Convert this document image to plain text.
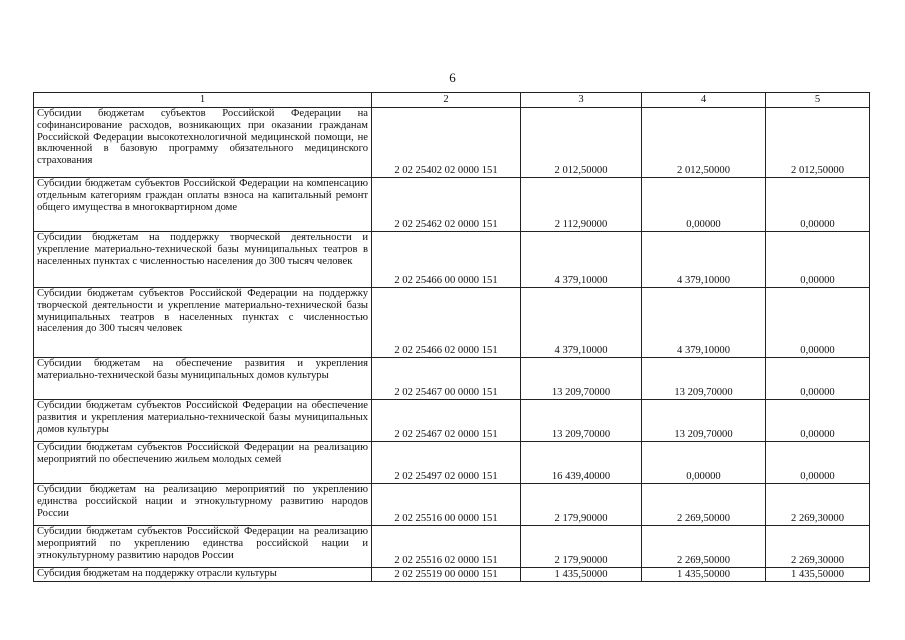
6
1	2	3	4	5
Субсидии бюджетам субъектов Российской Федерации на софинансирование расходов, возникающих при оказании гражданам Российской Федерации высокотехнологичной медицинской помощи, не включенной в базовую программу обязательного медицинского страхования	2 02 25402 02 0000 151	2 012,50000	2 012,50000	2 012,50000
Субсидии бюджетам субъектов Российской Федерации на компенсацию отдельным категориям граждан оплаты взноса на капитальный ремонт общего имущества в многоквартирном доме	2 02 25462 02 0000 151	2 112,90000	0,00000	0,00000
Субсидии бюджетам на поддержку творческой деятельности и укрепление материально-технической базы муниципальных театров в населенных пунктах с численностью населения до 300 тысяч человек	2 02 25466 00 0000 151	4 379,10000	4 379,10000	0,00000
Субсидии бюджетам субъектов Российской Федерации на поддержку творческой деятельности и укрепление материально-технической базы муниципальных театров в населенных пунктах с численностью населения до 300 тысяч человек	2 02 25466 02 0000 151	4 379,10000	4 379,10000	0,00000
Субсидии бюджетам на обеспечение развития и укрепления материально-технической базы муниципальных домов культуры	2 02 25467 00 0000 151	13 209,70000	13 209,70000	0,00000
Субсидии бюджетам субъектов Российской Федерации на обеспечение развития и укрепления материально-технической базы муниципальных домов культуры	2 02 25467 02 0000 151	13 209,70000	13 209,70000	0,00000
Субсидии бюджетам субъектов Российской Федерации на реализацию мероприятий по обеспечению жильем молодых семей	2 02 25497 02 0000 151	16 439,40000	0,00000	0,00000
Субсидии бюджетам на реализацию мероприятий по укреплению единства российской нации и этнокультурному развитию народов России	2 02 25516 00 0000 151	2 179,90000	2 269,50000	2 269,30000
Субсидии бюджетам субъектов Российской Федерации на реализацию мероприятий по укреплению единства российской нации и этнокультурному развитию народов России	2 02 25516 02 0000 151	2 179,90000	2 269,50000	2 269,30000
Субсидия бюджетам на поддержку отрасли культуры	2 02 25519 00 0000 151	1 435,50000	1 435,50000	1 435,50000
